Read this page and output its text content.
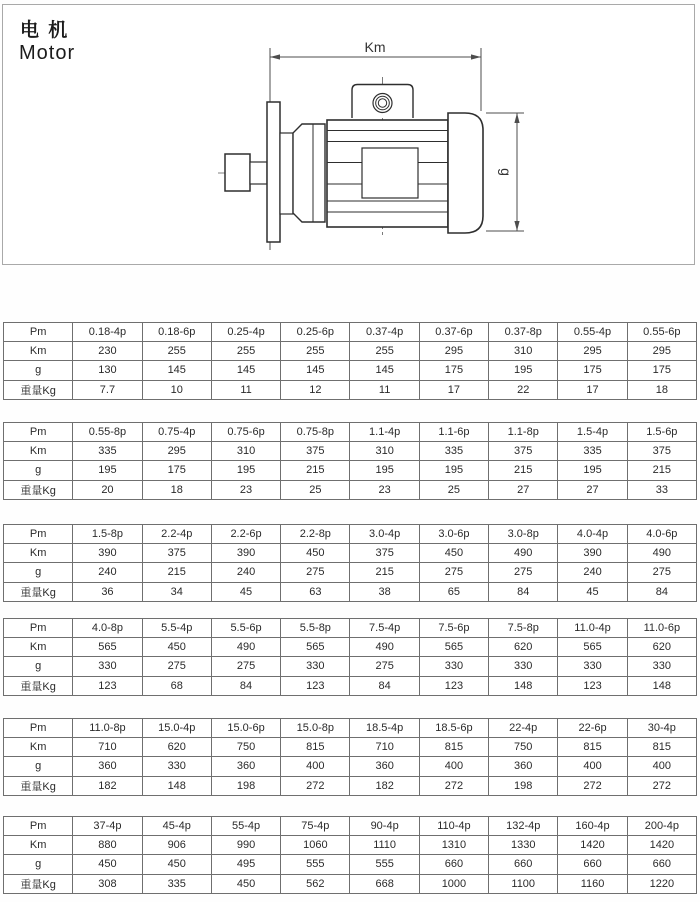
电 机
Motor	Km
g
Pm	0.18-4p	0.18-6p	0.25-4p	0.25-6p	0.37-4p	0.37-6p	0.37-8p	0.55-4p	0.55-6p
Km	230	255	255	255	255	295	310	295	295
g	130	145	145	145	145	175	195	175	175
重量Kg	7.7	10	11	12	11	17	22	17	18
Pm	0.55-8p	0.75-4p	0.75-6p	0.75-8p	1.1-4p	1.1-6p	1.1-8p	1.5-4p	1.5-6p
Km	335	295	310	375	310	335	375	335	375
g	195	175	195	215	195	195	215	195	215
重量Kg	20	18	23	25	23	25	27	27	33
Pm	1.5-8p	2.2-4p	2.2-6p	2.2-8p	3.0-4p	3.0-6p	3.0-8p	4.0-4p	4.0-6p
Km	390	375	390	450	375	450	490	390	490
g	240	215	240	275	215	275	275	240	275
重量Kg	36	34	45	63	38	65	84	45	84
Pm	4.0-8p	5.5-4p	5.5-6p	5.5-8p	7.5-4p	7.5-6p	7.5-8p	11.0-4p	11.0-6p
Km	565	450	490	565	490	565	620	565	620
g	330	275	275	330	275	330	330	330	330
重量Kg	123	68	84	123	84	123	148	123	148
Pm	11.0-8p	15.0-4p	15.0-6p	15.0-8p	18.5-4p	18.5-6p	22-4p	22-6p	30-4p
Km	710	620	750	815	710	815	750	815	815
g	360	330	360	400	360	400	360	400	400
重量Kg	182	148	198	272	182	272	198	272	272
Pm	37-4p	45-4p	55-4p	75-4p	90-4p	110-4p	132-4p	160-4p	200-4p
Km	880	906	990	1060	1110	1310	1330	1420	1420
g	450	450	495	555	555	660	660	660	660
重量Kg	308	335	450	562	668	1000	1100	1160	1220
